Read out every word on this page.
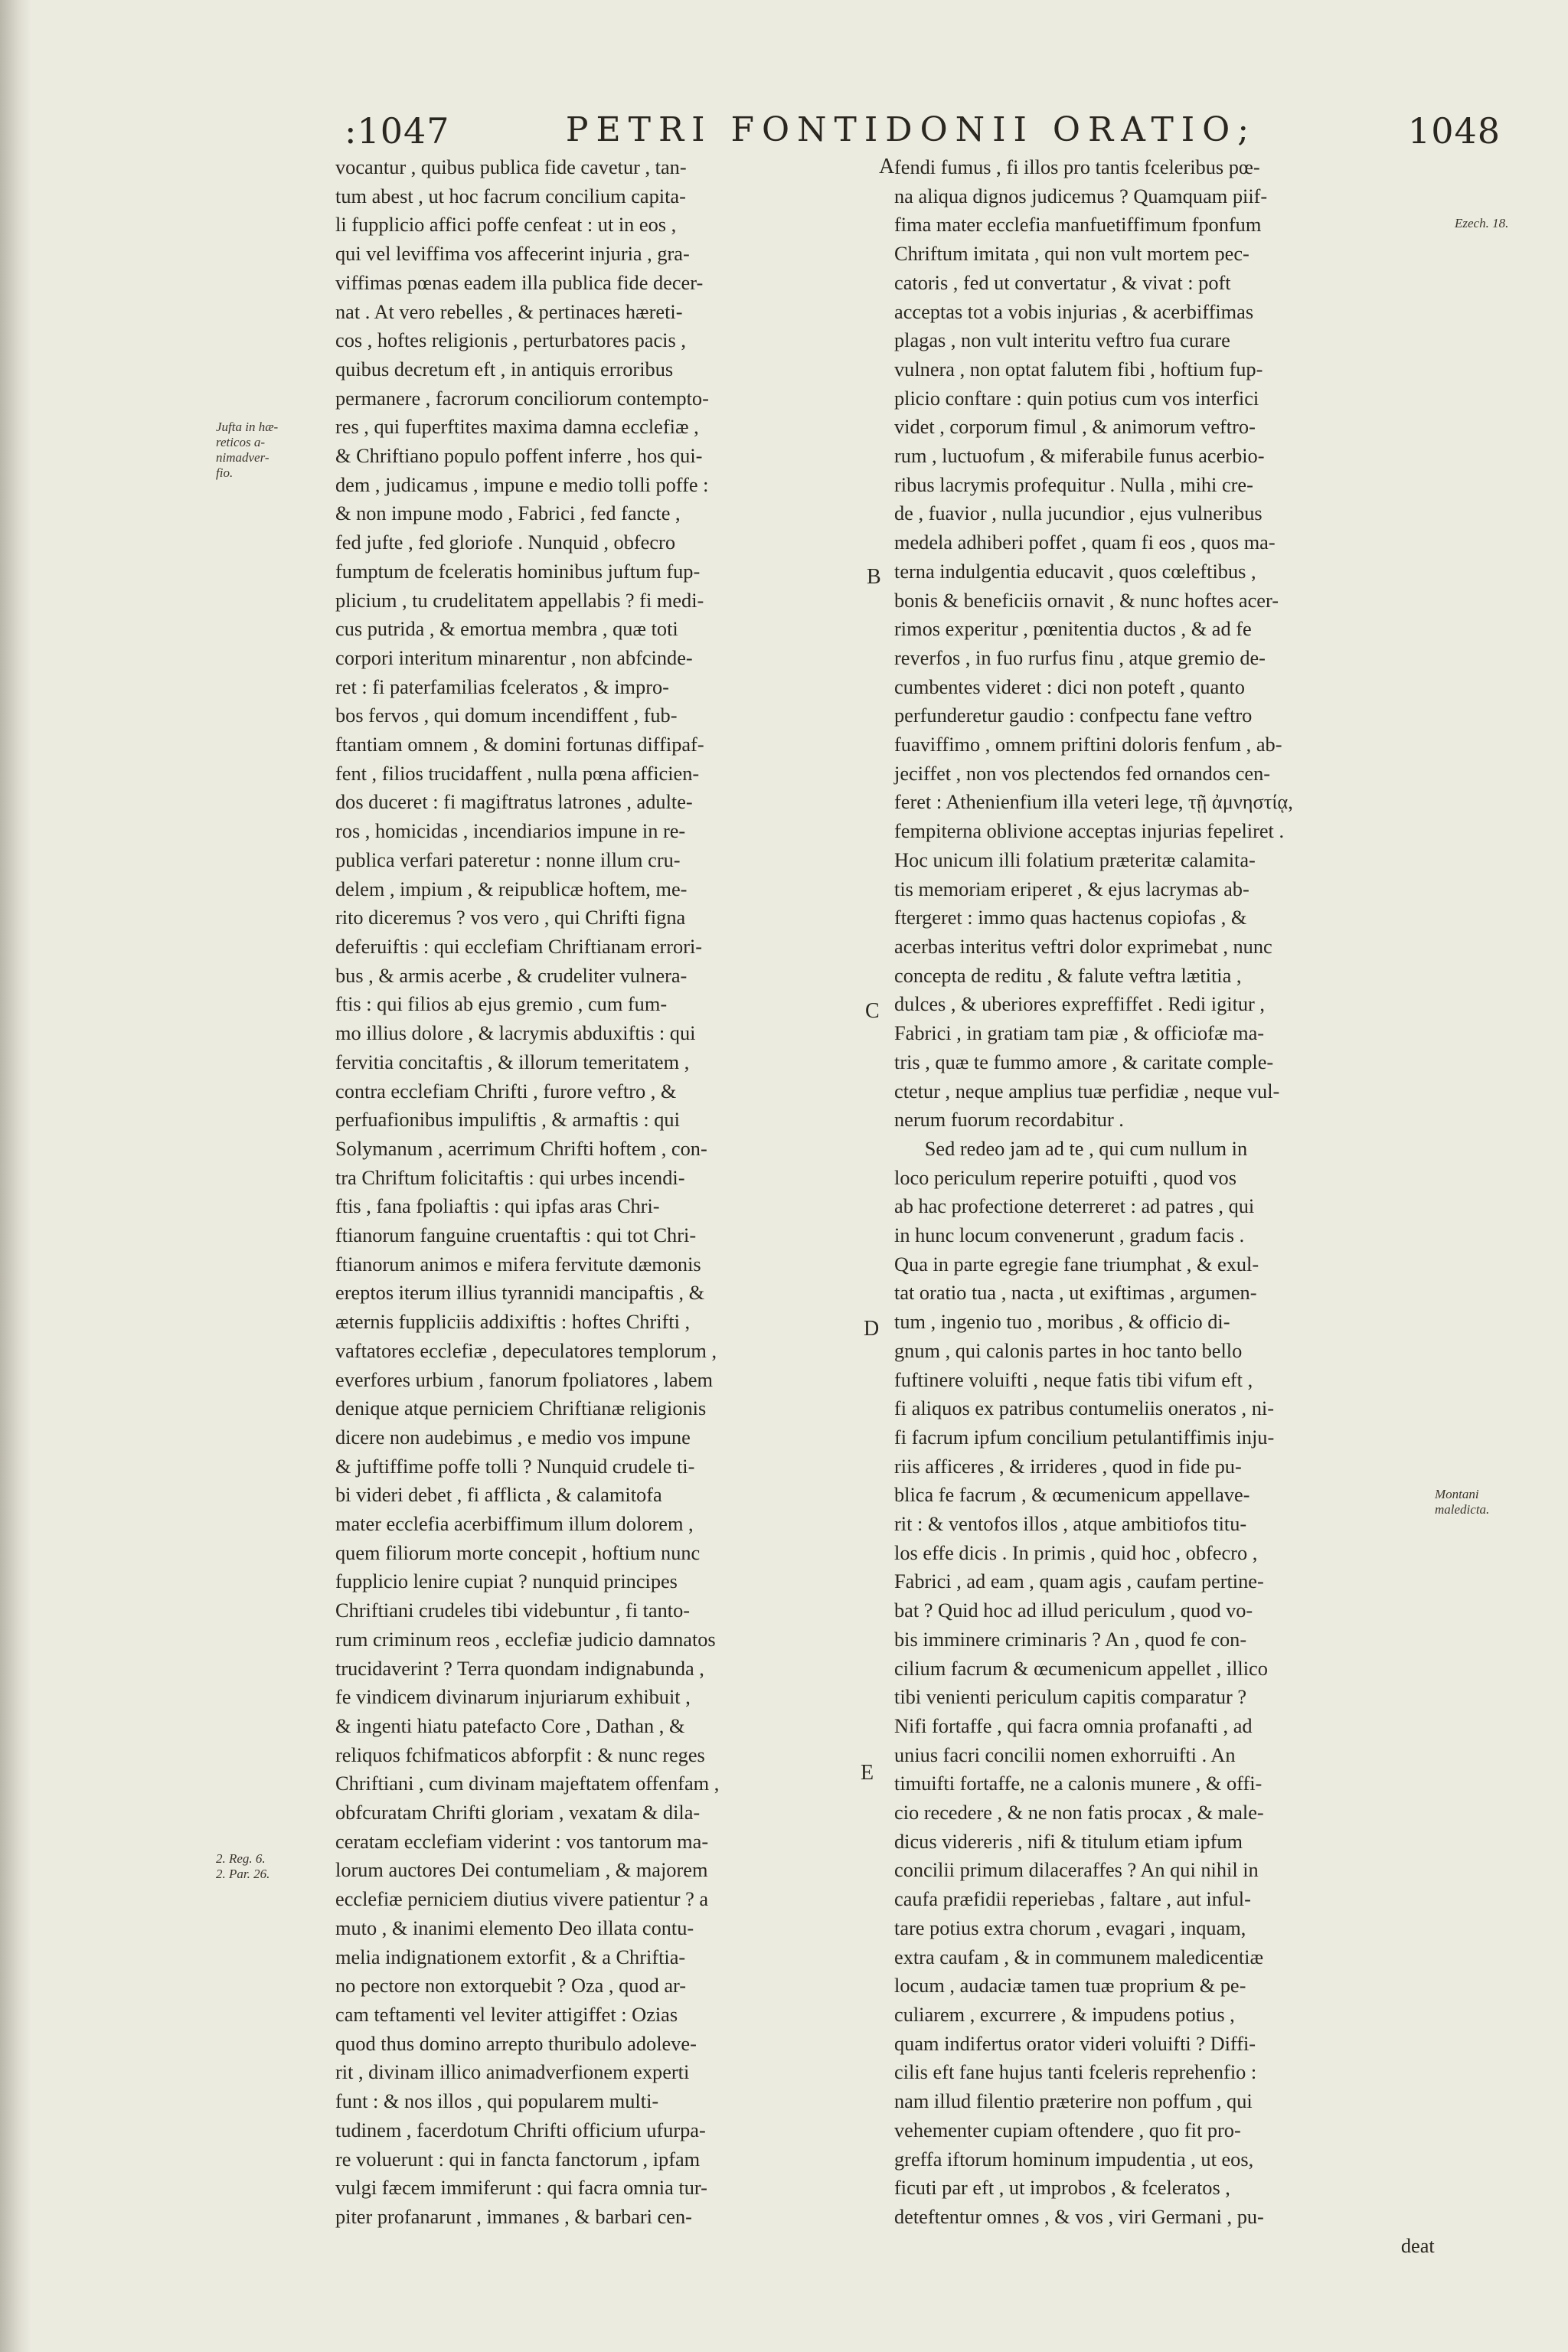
:1047	PETRI FONTIDONII ORATIO;	1048
vocantur , quibus publica fide cavetur , tan-
tum abest , ut hoc facrum concilium capita-
li fupplicio affici poffe cenfeat : ut in eos ,
qui vel leviffima vos affecerint injuria , gra-
viffimas pœnas eadem illa publica fide decer-
nat . At vero rebelles , & pertinaces hæreti-
cos , hoftes religionis , perturbatores pacis ,
quibus decretum eft , in antiquis erroribus
permanere , facrorum conciliorum contempto-
res , qui fuperftites maxima damna ecclefiæ ,
& Chriftiano populo poffent inferre , hos qui-
dem , judicamus , impune e medio tolli poffe :
& non impune modo , Fabrici , fed fancte ,
fed jufte , fed gloriofe . Nunquid , obfecro
fumptum de fceleratis hominibus juftum fup-
plicium , tu crudelitatem appellabis ? fi medi-
cus putrida , & emortua membra , quæ toti
corpori interitum minarentur , non abfcinde-
ret : fi paterfamilias fceleratos , & impro-
bos fervos , qui domum incendiffent , fub-
ftantiam omnem , & domini fortunas diffipaf-
fent , filios trucidaffent , nulla pœna afficien-
dos duceret : fi magiftratus latrones , adulte-
ros , homicidas , incendiarios impune in re-
publica verfari pateretur : nonne illum cru-
delem , impium , & reipublicæ hoftem, me-
rito diceremus ? vos vero , qui Chrifti figna
deferuiftis : qui ecclefiam Chriftianam errori-
bus , & armis acerbe , & crudeliter vulnera-
ftis : qui filios ab ejus gremio , cum fum-
mo illius dolore , & lacrymis abduxiftis : qui
fervitia concitaftis , & illorum temeritatem ,
contra ecclefiam Chrifti , furore veftro , &
perfuafionibus impuliftis , & armaftis : qui
Solymanum , acerrimum Chrifti hoftem , con-
tra Chriftum folicitaftis : qui urbes incendi-
ftis , fana fpoliaftis : qui ipfas aras Chri-
ftianorum fanguine cruentaftis : qui tot Chri-
ftianorum animos e mifera fervitute dæmonis
ereptos iterum illius tyrannidi mancipaftis , &
æternis fuppliciis addixiftis : hoftes Chrifti ,
vaftatores ecclefiæ , depeculatores templorum ,
everfores urbium , fanorum fpoliatores , labem
denique atque perniciem Chriftianæ religionis
dicere non audebimus , e medio vos impune
& juftiffime poffe tolli ? Nunquid crudele ti-
bi videri debet , fi afflicta , & calamitofa
mater ecclefia acerbiffimum illum dolorem ,
quem filiorum morte concepit , hoftium nunc
fupplicio lenire cupiat ? nunquid principes
Chriftiani crudeles tibi videbuntur , fi tanto-
rum criminum reos , ecclefiæ judicio damnatos
trucidaverint ? Terra quondam indignabunda ,
fe vindicem divinarum injuriarum exhibuit ,
& ingenti hiatu patefacto Core , Dathan , &
reliquos fchifmaticos abforpfit : & nunc reges
Chriftiani , cum divinam majeftatem offenfam ,
obfcuratam Chrifti gloriam , vexatam & dila-
ceratam ecclefiam viderint : vos tantorum ma-
lorum auctores Dei contumeliam , & majorem
ecclefiæ perniciem diutius vivere patientur ? a
muto , & inanimi elemento Deo illata contu-
melia indignationem extorfit , & a Chriftia-
no pectore non extorquebit ? Oza , quod ar-
cam teftamenti vel leviter attigiffet : Ozias
quod thus domino arrepto thuribulo adoleve-
rit , divinam illico animadverfionem experti
funt : & nos illos , qui popularem multi-
tudinem , facerdotum Chrifti officium ufurpa-
re voluerunt : qui in fancta fanctorum , ipfam
vulgi fæcem immiferunt : qui facra omnia tur-
piter profanarunt , immanes , & barbari cen-
fendi fumus , fi illos pro tantis fceleribus pœ-
na aliqua dignos judicemus ? Quamquam piif-
fima mater ecclefia manfuetiffimum fponfum
Chriftum imitata , qui non vult mortem pec-
catoris , fed ut convertatur , & vivat : poft
acceptas tot a vobis injurias , & acerbiffimas
plagas , non vult interitu veftro fua curare
vulnera , non optat falutem fibi , hoftium fup-
plicio conftare : quin potius cum vos interfici
videt , corporum fimul , & animorum veftro-
rum , luctuofum , & miferabile funus acerbio-
ribus lacrymis profequitur . Nulla , mihi cre-
de , fuavior , nulla jucundior , ejus vulneribus
medela adhiberi poffet , quam fi eos , quos ma-
terna indulgentia educavit , quos cœleftibus ,
bonis & beneficiis ornavit , & nunc hoftes acer-
rimos experitur , pœnitentia ductos , & ad fe
reverfos , in fuo rurfus finu , atque gremio de-
cumbentes videret : dici non poteft , quanto
perfunderetur gaudio : confpectu fane veftro
fuaviffimo , omnem priftini doloris fenfum , ab-
jeciffet , non vos plectendos fed ornandos cen-
feret : Athenienfium illa veteri lege, τῇ ἀμνηστίᾳ,
fempiterna oblivione acceptas injurias fepeliret .
Hoc unicum illi folatium præteritæ calamita-
tis memoriam eriperet , & ejus lacrymas ab-
ftergeret : immo quas hactenus copiofas , &
acerbas interitus veftri dolor exprimebat , nunc
concepta de reditu , & falute veftra lætitia ,
dulces , & uberiores expreffiffet . Redi igitur ,
Fabrici , in gratiam tam piæ , & officiofæ ma-
tris , quæ te fummo amore , & caritate comple-
ctetur , neque amplius tuæ perfidiæ , neque vul-
nerum fuorum recordabitur .
Sed redeo jam ad te , qui cum nullum in
loco periculum reperire potuifti , quod vos
ab hac profectione deterreret : ad patres , qui
in hunc locum convenerunt , gradum facis .
Qua in parte egregie fane triumphat , & exul-
tat oratio tua , nacta , ut exiftimas , argumen-
tum , ingenio tuo , moribus , & officio di-
gnum , qui calonis partes in hoc tanto bello
fuftinere voluifti , neque fatis tibi vifum eft ,
fi aliquos ex patribus contumeliis oneratos , ni-
fi facrum ipfum concilium petulantiffimis inju-
riis afficeres , & irrideres , quod in fide pu-
blica fe facrum , & œcumenicum appellave-
rit : & ventofos illos , atque ambitiofos titu-
los effe dicis . In primis , quid hoc , obfecro ,
Fabrici , ad eam , quam agis , caufam pertine-
bat ? Quid hoc ad illud periculum , quod vo-
bis imminere criminaris ? An , quod fe con-
cilium facrum & œcumenicum appellet , illico
tibi venienti periculum capitis comparatur ?
Nifi fortaffe , qui facra omnia profanafti , ad
unius facri concilii nomen exhorruifti . An
timuifti fortaffe, ne a calonis munere , & offi-
cio recedere , & ne non fatis procax , & male-
dicus videreris , nifi & titulum etiam ipfum
concilii primum dilaceraffes ? An qui nihil in
caufa præfidii reperiebas , faltare , aut inful-
tare potius extra chorum , evagari , inquam,
extra caufam , & in communem maledicentiæ
locum , audaciæ tamen tuæ proprium & pe-
culiarem , excurrere , & impudens potius ,
quam indifertus orator videri voluifti ? Diffi-
cilis eft fane hujus tanti fceleris reprehenfio :
nam illud filentio præterire non poffum , qui
vehementer cupiam oftendere , quo fit pro-
greffa iftorum hominum impudentia , ut eos,
ficuti par eft , ut improbos , & fceleratos ,
deteftentur omnes , & vos , viri Germani , pu-
deat
A
B
C
D
E
Jufta in hæ-
reticos a-
nimadver-
fio.
2. Reg. 6.
2. Par. 26.
Ezech. 18.
Montani
maledicta.
